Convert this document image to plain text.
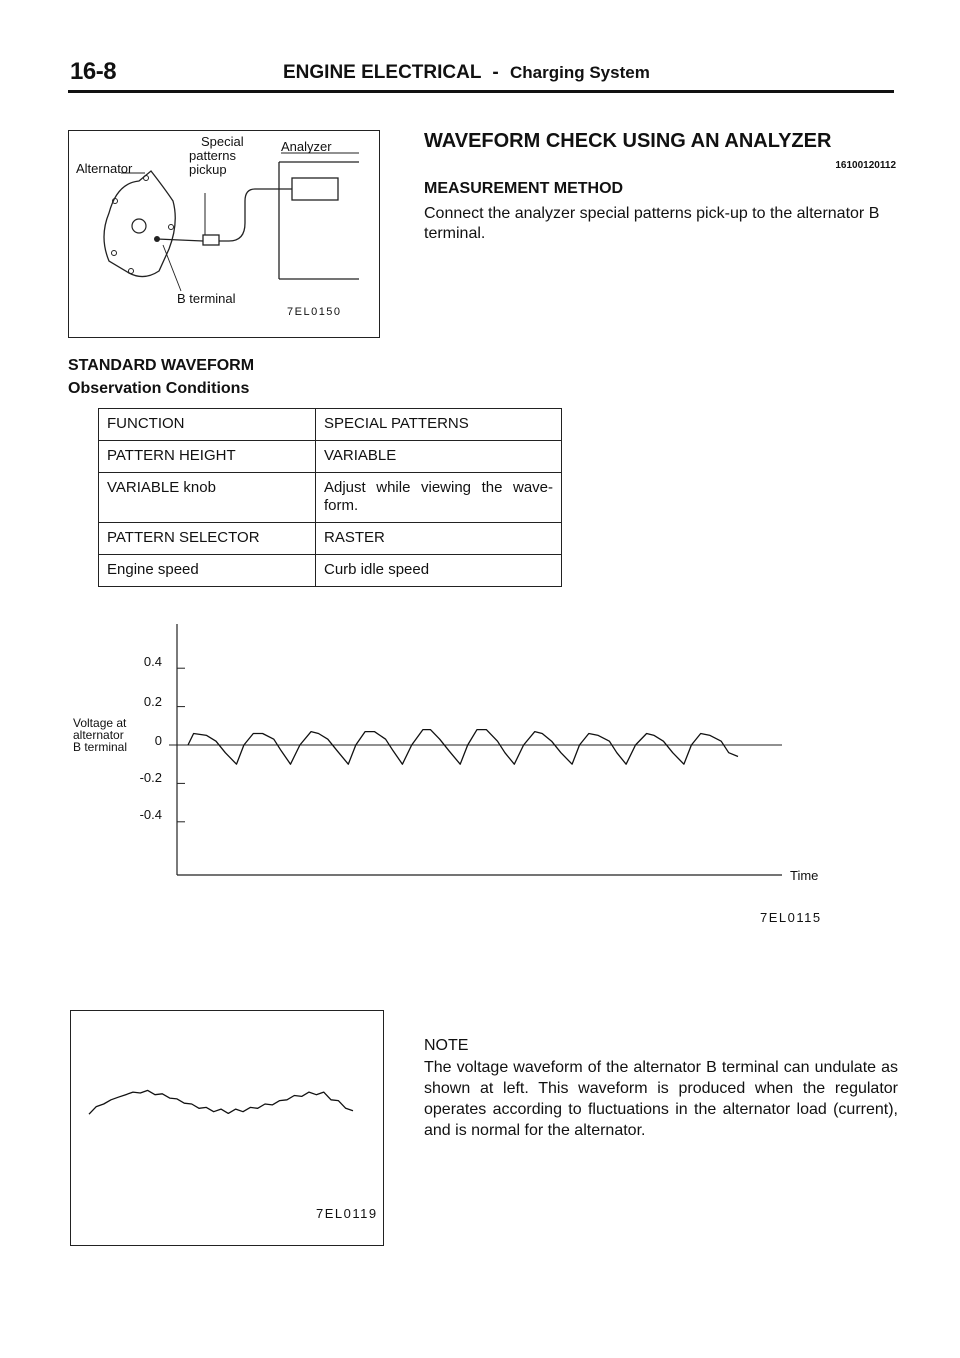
16-8	ENGINE ELECTRICAL - Charging System
Special
patterns
pickup
Analyzer
Alternator
B terminal
7EL0150
WAVEFORM CHECK USING AN ANALYZER
16100120112
MEASUREMENT METHOD
Connect the analyzer special patterns pick-up to the alternator B terminal.
STANDARD WAVEFORM
Observation Conditions
FUNCTION	SPECIAL PATTERNS
PATTERN HEIGHT	VARIABLE
VARIABLE knob	Adjust while viewing the wave-form.
PATTERN SELECTOR	RASTER
Engine speed	Curb idle speed
0.4
0.2
0
-0.2
-0.4
Voltage at
alternator
B terminal
Time
7EL0115
7EL0119
NOTE
The voltage waveform of the alternator B terminal can undulate as shown at left. This waveform is produced when the regulator operates according to fluctuations in the alternator load (current), and is normal for the alternator.
